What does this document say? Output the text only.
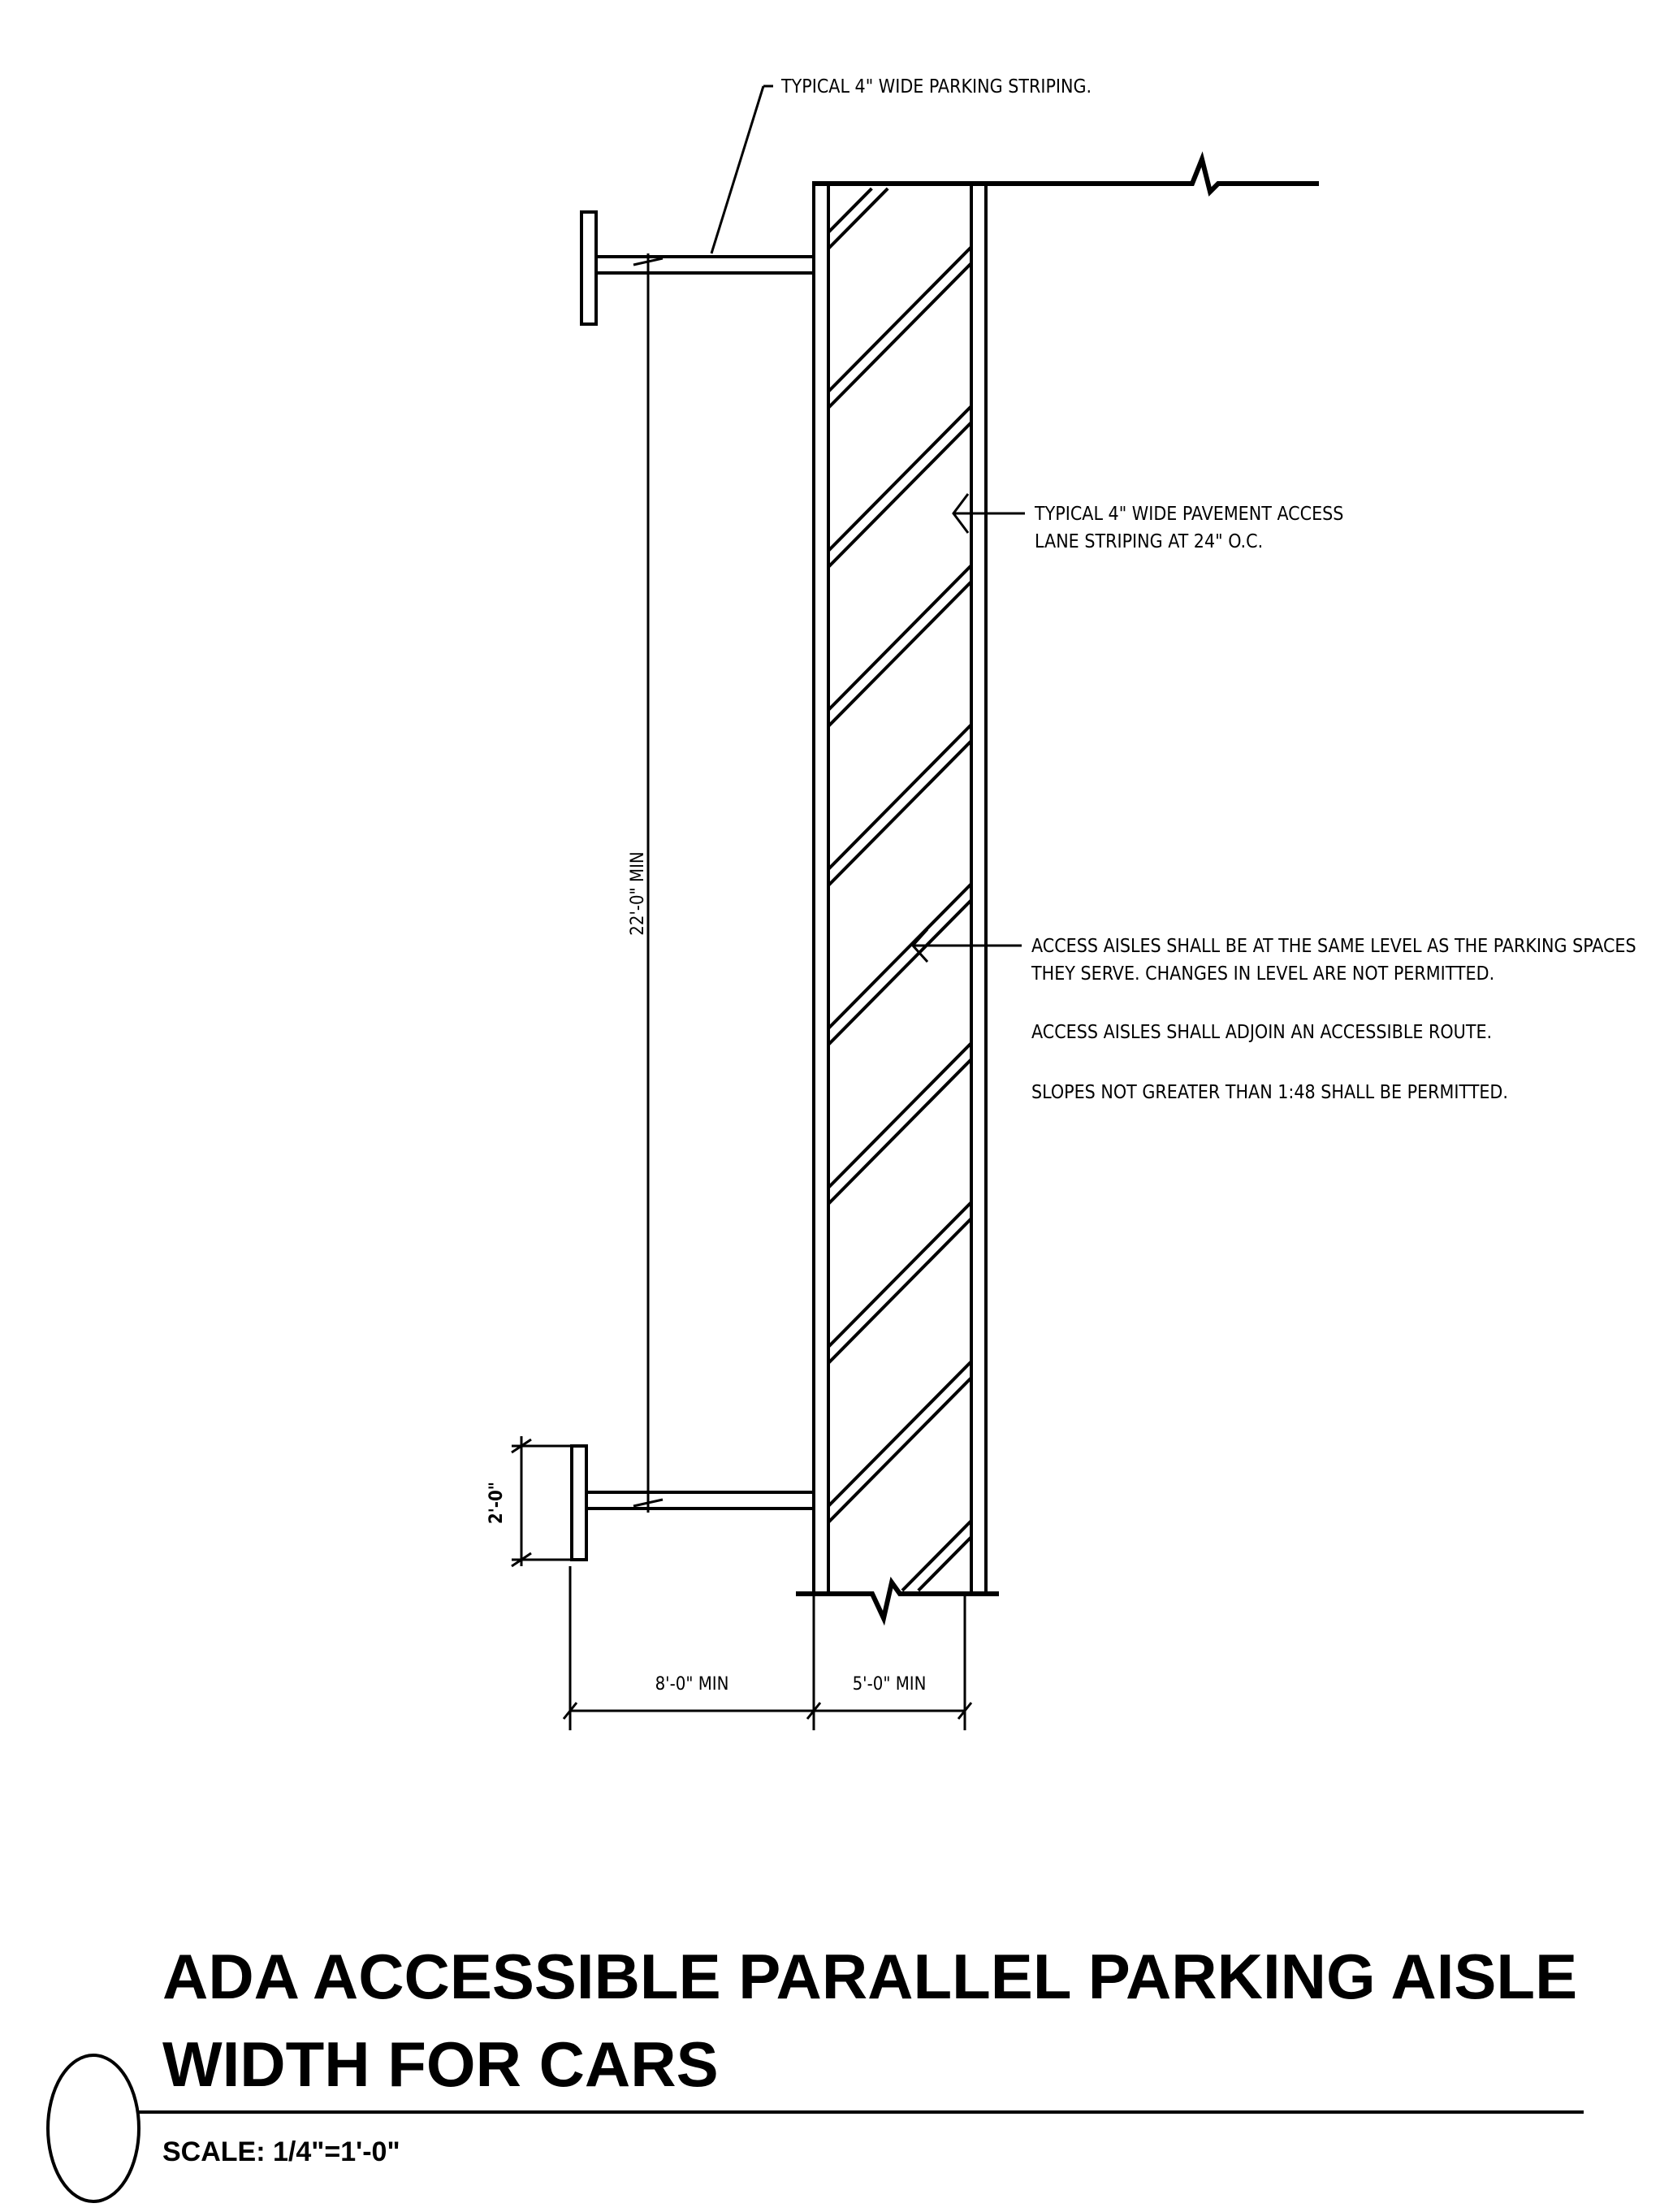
TYPICAL 4" WIDE PARKING STRIPING.
TYPICAL 4" WIDE PAVEMENT ACCESS
LANE STRIPING AT 24" O.C.
ACCESS AISLES SHALL BE AT THE SAME LEVEL AS THE PARKING SPACES
THEY SERVE. CHANGES IN LEVEL ARE NOT PERMITTED.
ACCESS AISLES SHALL ADJOIN AN ACCESSIBLE ROUTE.
SLOPES NOT GREATER THAN 1:48 SHALL BE PERMITTED.
22'-0" MIN
2'-0"
8'-0" MIN	5'-0" MIN
ADA ACCESSIBLE PARALLEL PARKING AISLE
WIDTH FOR CARS
SCALE: 1/4"=1'-0"
